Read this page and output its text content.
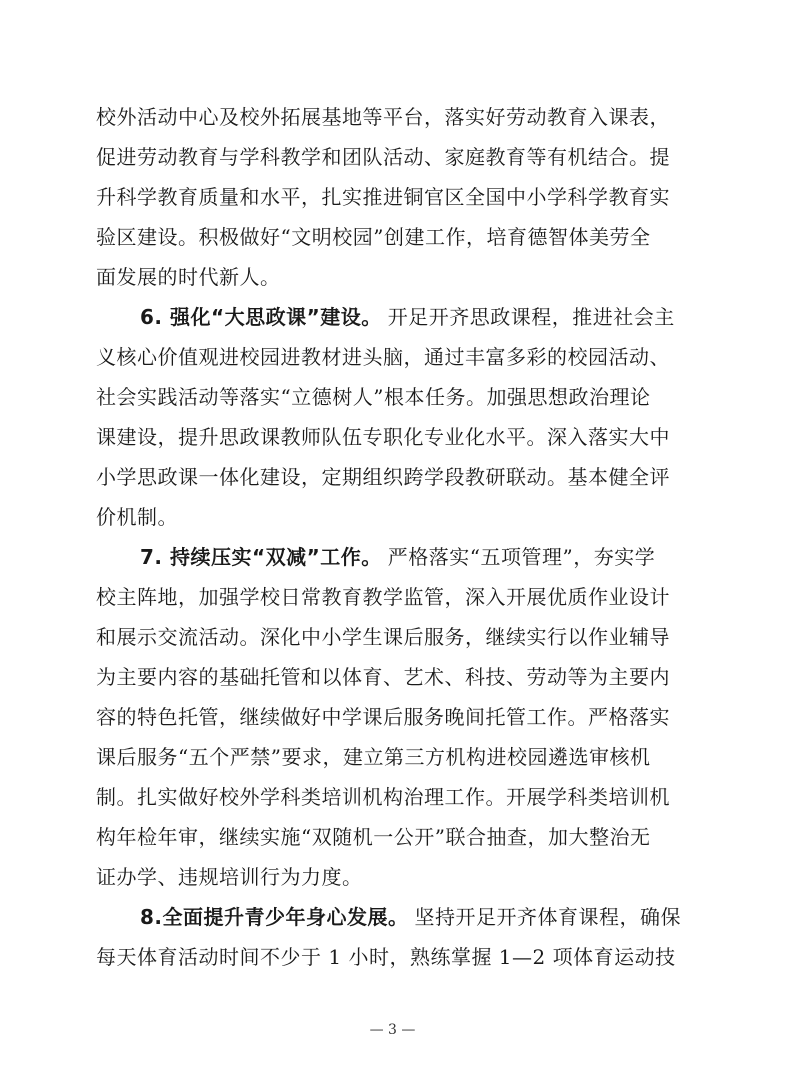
校外活动中心及校外拓展基地等平台，落实好劳动教育入课表，
促进劳动教育与学科教学和团队活动、家庭教育等有机结合。提
升科学教育质量和水平，扎实推进铜官区全国中小学科学教育实
验区建设。积极做好“文明校园”创建工作，培育德智体美劳全
面发展的时代新人。
6. 强化“大思政课”建设。 开足开齐思政课程，推进社会主
义核心价值观进校园进教材进头脑，通过丰富多彩的校园活动、
社会实践活动等落实“立德树人”根本任务。加强思想政治理论
课建设，提升思政课教师队伍专职化专业化水平。深入落实大中
小学思政课一体化建设，定期组织跨学段教研联动。基本健全评
价机制。
7. 持续压实“双减”工作。 严格落实“五项管理”，夯实学
校主阵地，加强学校日常教育教学监管，深入开展优质作业设计
和展示交流活动。深化中小学生课后服务，继续实行以作业辅导
为主要内容的基础托管和以体育、艺术、科技、劳动等为主要内
容的特色托管，继续做好中学课后服务晚间托管工作。严格落实
课后服务“五个严禁”要求，建立第三方机构进校园遴选审核机
制。扎实做好校外学科类培训机构治理工作。开展学科类培训机
构年检年审，继续实施“双随机一公开”联合抽查，加大整治无
证办学、违规培训行为力度。
8.全面提升青少年身心发展。 坚持开足开齐体育课程，确保
每天体育活动时间不少于 1 小时，熟练掌握 1—2 项体育运动技
— 3 —
